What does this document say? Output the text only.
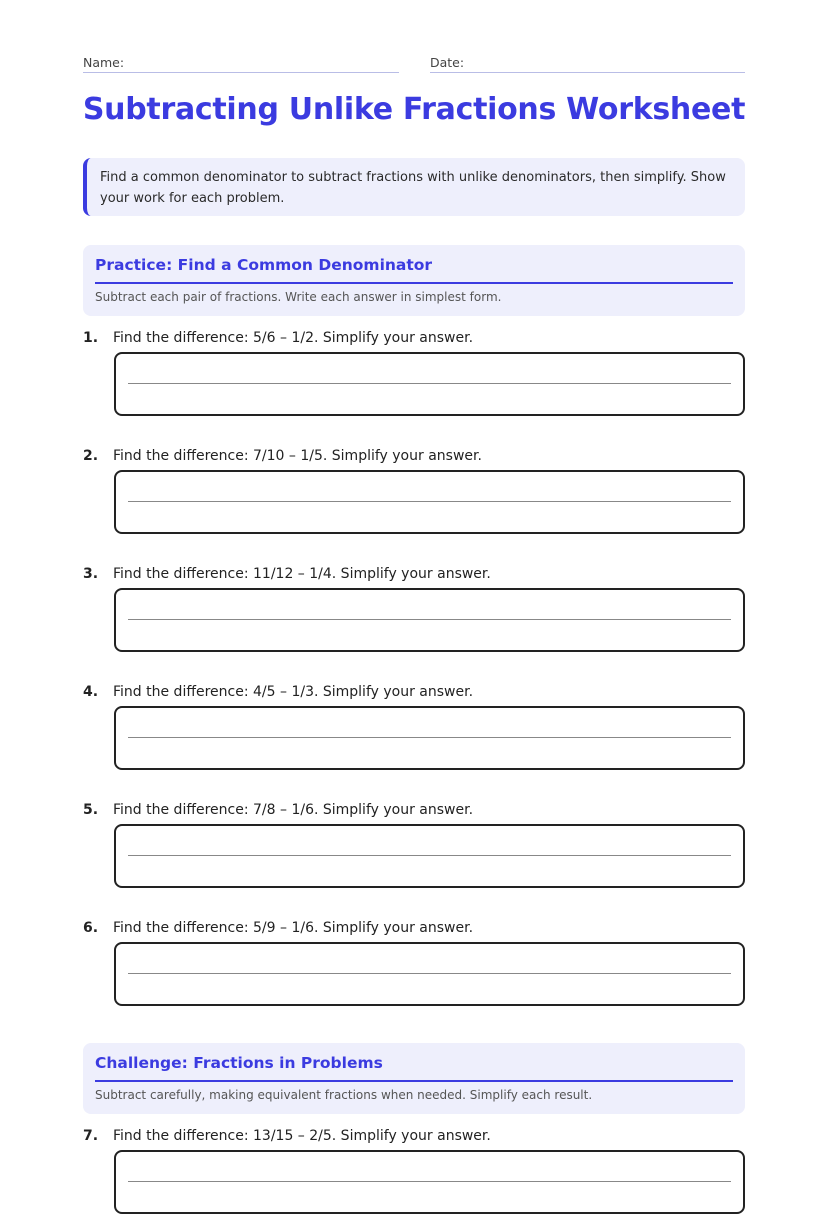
Name:	Date:
Subtracting Unlike Fractions Worksheet
Find a common denominator to subtract fractions with unlike denominators, then simplify. Show your work for each problem.
Practice: Find a Common Denominator
Subtract each pair of fractions. Write each answer in simplest form.
1. Find the difference: 5/6 – 1/2. Simplify your answer.
2. Find the difference: 7/10 – 1/5. Simplify your answer.
3. Find the difference: 11/12 – 1/4. Simplify your answer.
4. Find the difference: 4/5 – 1/3. Simplify your answer.
5. Find the difference: 7/8 – 1/6. Simplify your answer.
6. Find the difference: 5/9 – 1/6. Simplify your answer.
Challenge: Fractions in Problems
Subtract carefully, making equivalent fractions when needed. Simplify each result.
7. Find the difference: 13/15 – 2/5. Simplify your answer.
